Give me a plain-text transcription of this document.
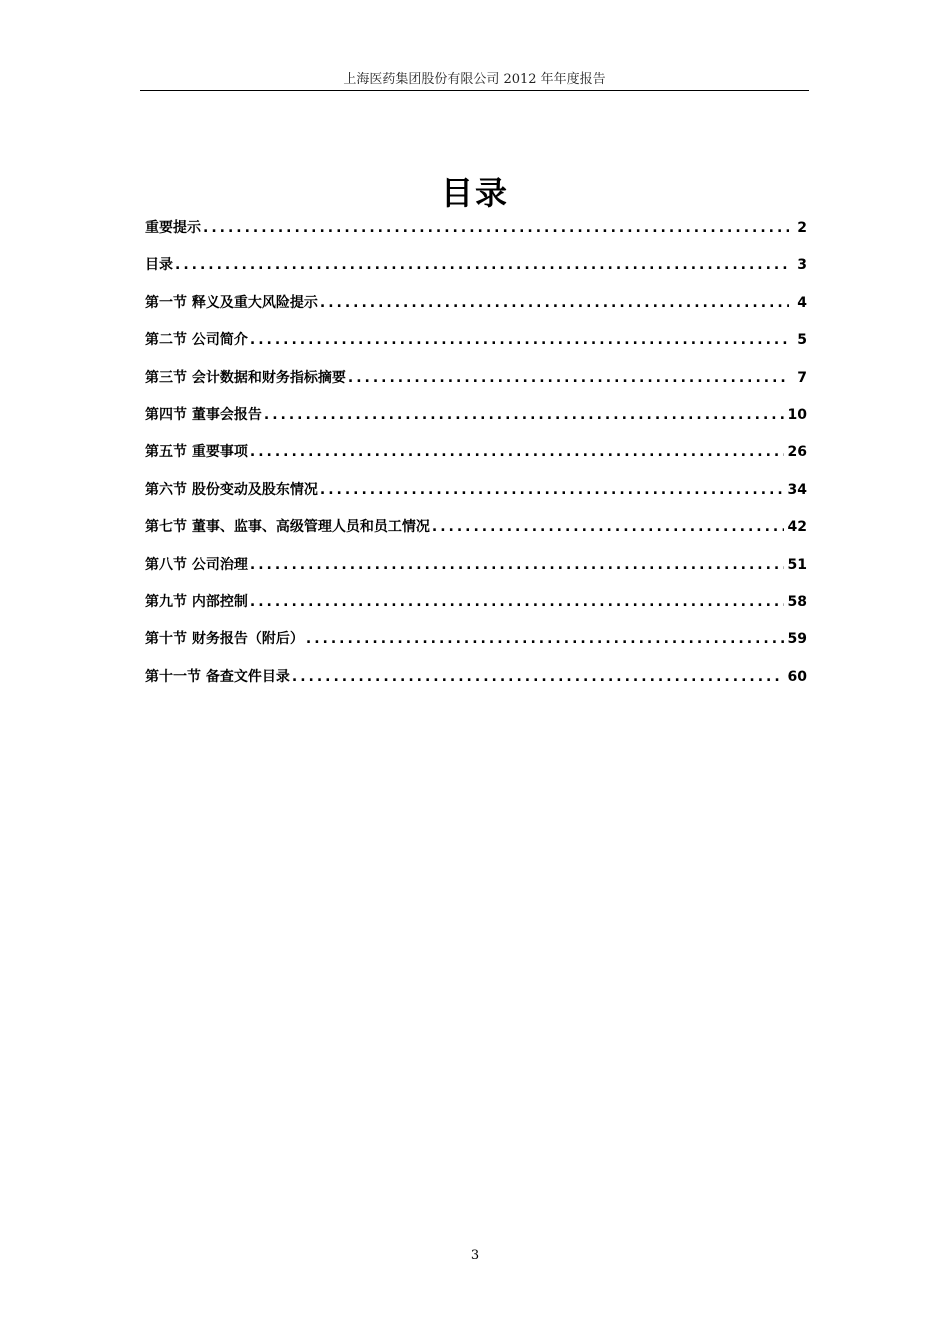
上海医药集团股份有限公司 2012 年年度报告
目录
重要提示 .....	2
目录 .....	3
第一节 释义及重大风险提示 .....	4
第二节 公司简介 .....	5
第三节 会计数据和财务指标摘要 .....	7
第四节 董事会报告 .....	10
第五节 重要事项 .....	26
第六节 股份变动及股东情况 .....	34
第七节 董事、监事、高级管理人员和员工情况 .....	42
第八节 公司治理 .....	51
第九节 内部控制 .....	58
第十节 财务报告（附后） .....	59
第十一节 备查文件目录 .....	60
3
